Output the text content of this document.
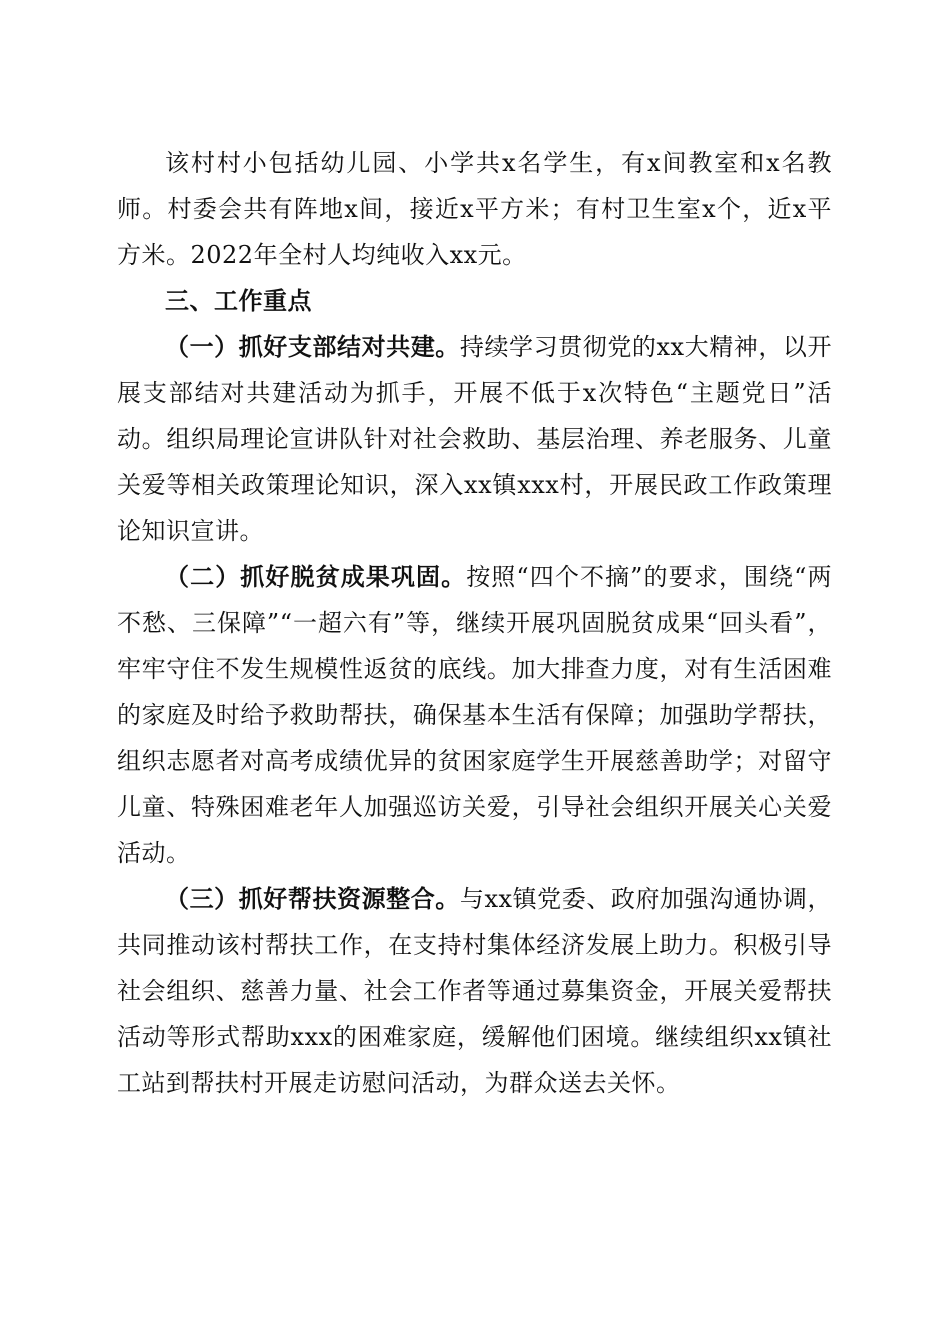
该村村小包括幼儿园、小学共x名学生，有x间教室和x名教师。村委会共有阵地x间，接近x平方米；有村卫生室x个，近x平方米。2022年全村人均纯收入xx元。

三、工作重点

（一）抓好支部结对共建。持续学习贯彻党的xx大精神，以开展支部结对共建活动为抓手，开展不低于x次特色“主题党日”活动。组织局理论宣讲队针对社会救助、基层治理、养老服务、儿童关爱等相关政策理论知识，深入xx镇xxx村，开展民政工作政策理论知识宣讲。

（二）抓好脱贫成果巩固。按照“四个不摘”的要求，围绕“两不愁、三保障”“一超六有”等，继续开展巩固脱贫成果“回头看”，牢牢守住不发生规模性返贫的底线。加大排查力度，对有生活困难的家庭及时给予救助帮扶，确保基本生活有保障；加强助学帮扶，组织志愿者对高考成绩优异的贫困家庭学生开展慈善助学；对留守儿童、特殊困难老年人加强巡访关爱，引导社会组织开展关心关爱活动。

（三）抓好帮扶资源整合。与xx镇党委、政府加强沟通协调，共同推动该村帮扶工作，在支持村集体经济发展上助力。积极引导社会组织、慈善力量、社会工作者等通过募集资金，开展关爱帮扶活动等形式帮助xxx的困难家庭，缓解他们困境。继续组织xx镇社工站到帮扶村开展走访慰问活动，为群众送去关怀。
